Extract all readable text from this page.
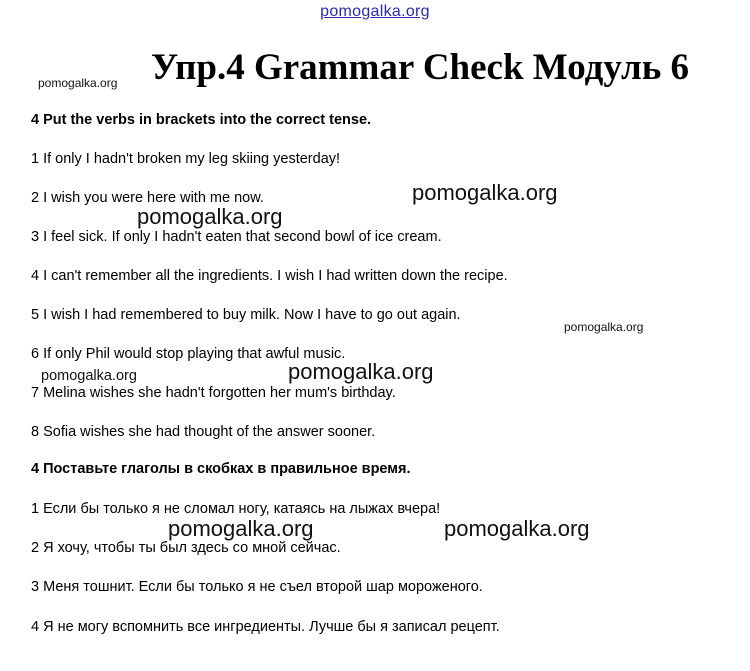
pomogalka.org
pomogalka.org Упр.4 Grammar Check Модуль 6
4 Put the verbs in brackets into the correct tense.
1 If only I hadn't broken my leg skiing yesterday!
2 I wish you were here with me now.	pomogalka.org
pomogalka.org
3 I feel sick. If only I hadn't eaten that second bowl of ice cream.
4 I can't remember all the ingredients. I wish I had written down the recipe.
5 I wish I had remembered to buy milk. Now I have to go out again.
pomogalka.org
6 If only Phil would stop playing that awful music.
pomogalka.org	pomogalka.org
7 Melina wishes she hadn't forgotten her mum's birthday.
8 Sofia wishes she had thought of the answer sooner.
4 Поставьте глаголы в скобках в правильное время.
1 Если бы только я не сломал ногу, катаясь на лыжах вчера!
pomogalka.org	pomogalka.org
2 Я хочу, чтобы ты был здесь со мной сейчас.
3 Меня тошнит. Если бы только я не съел второй шар мороженого.
4 Я не могу вспомнить все ингредиенты. Лучше бы я записал рецепт.
